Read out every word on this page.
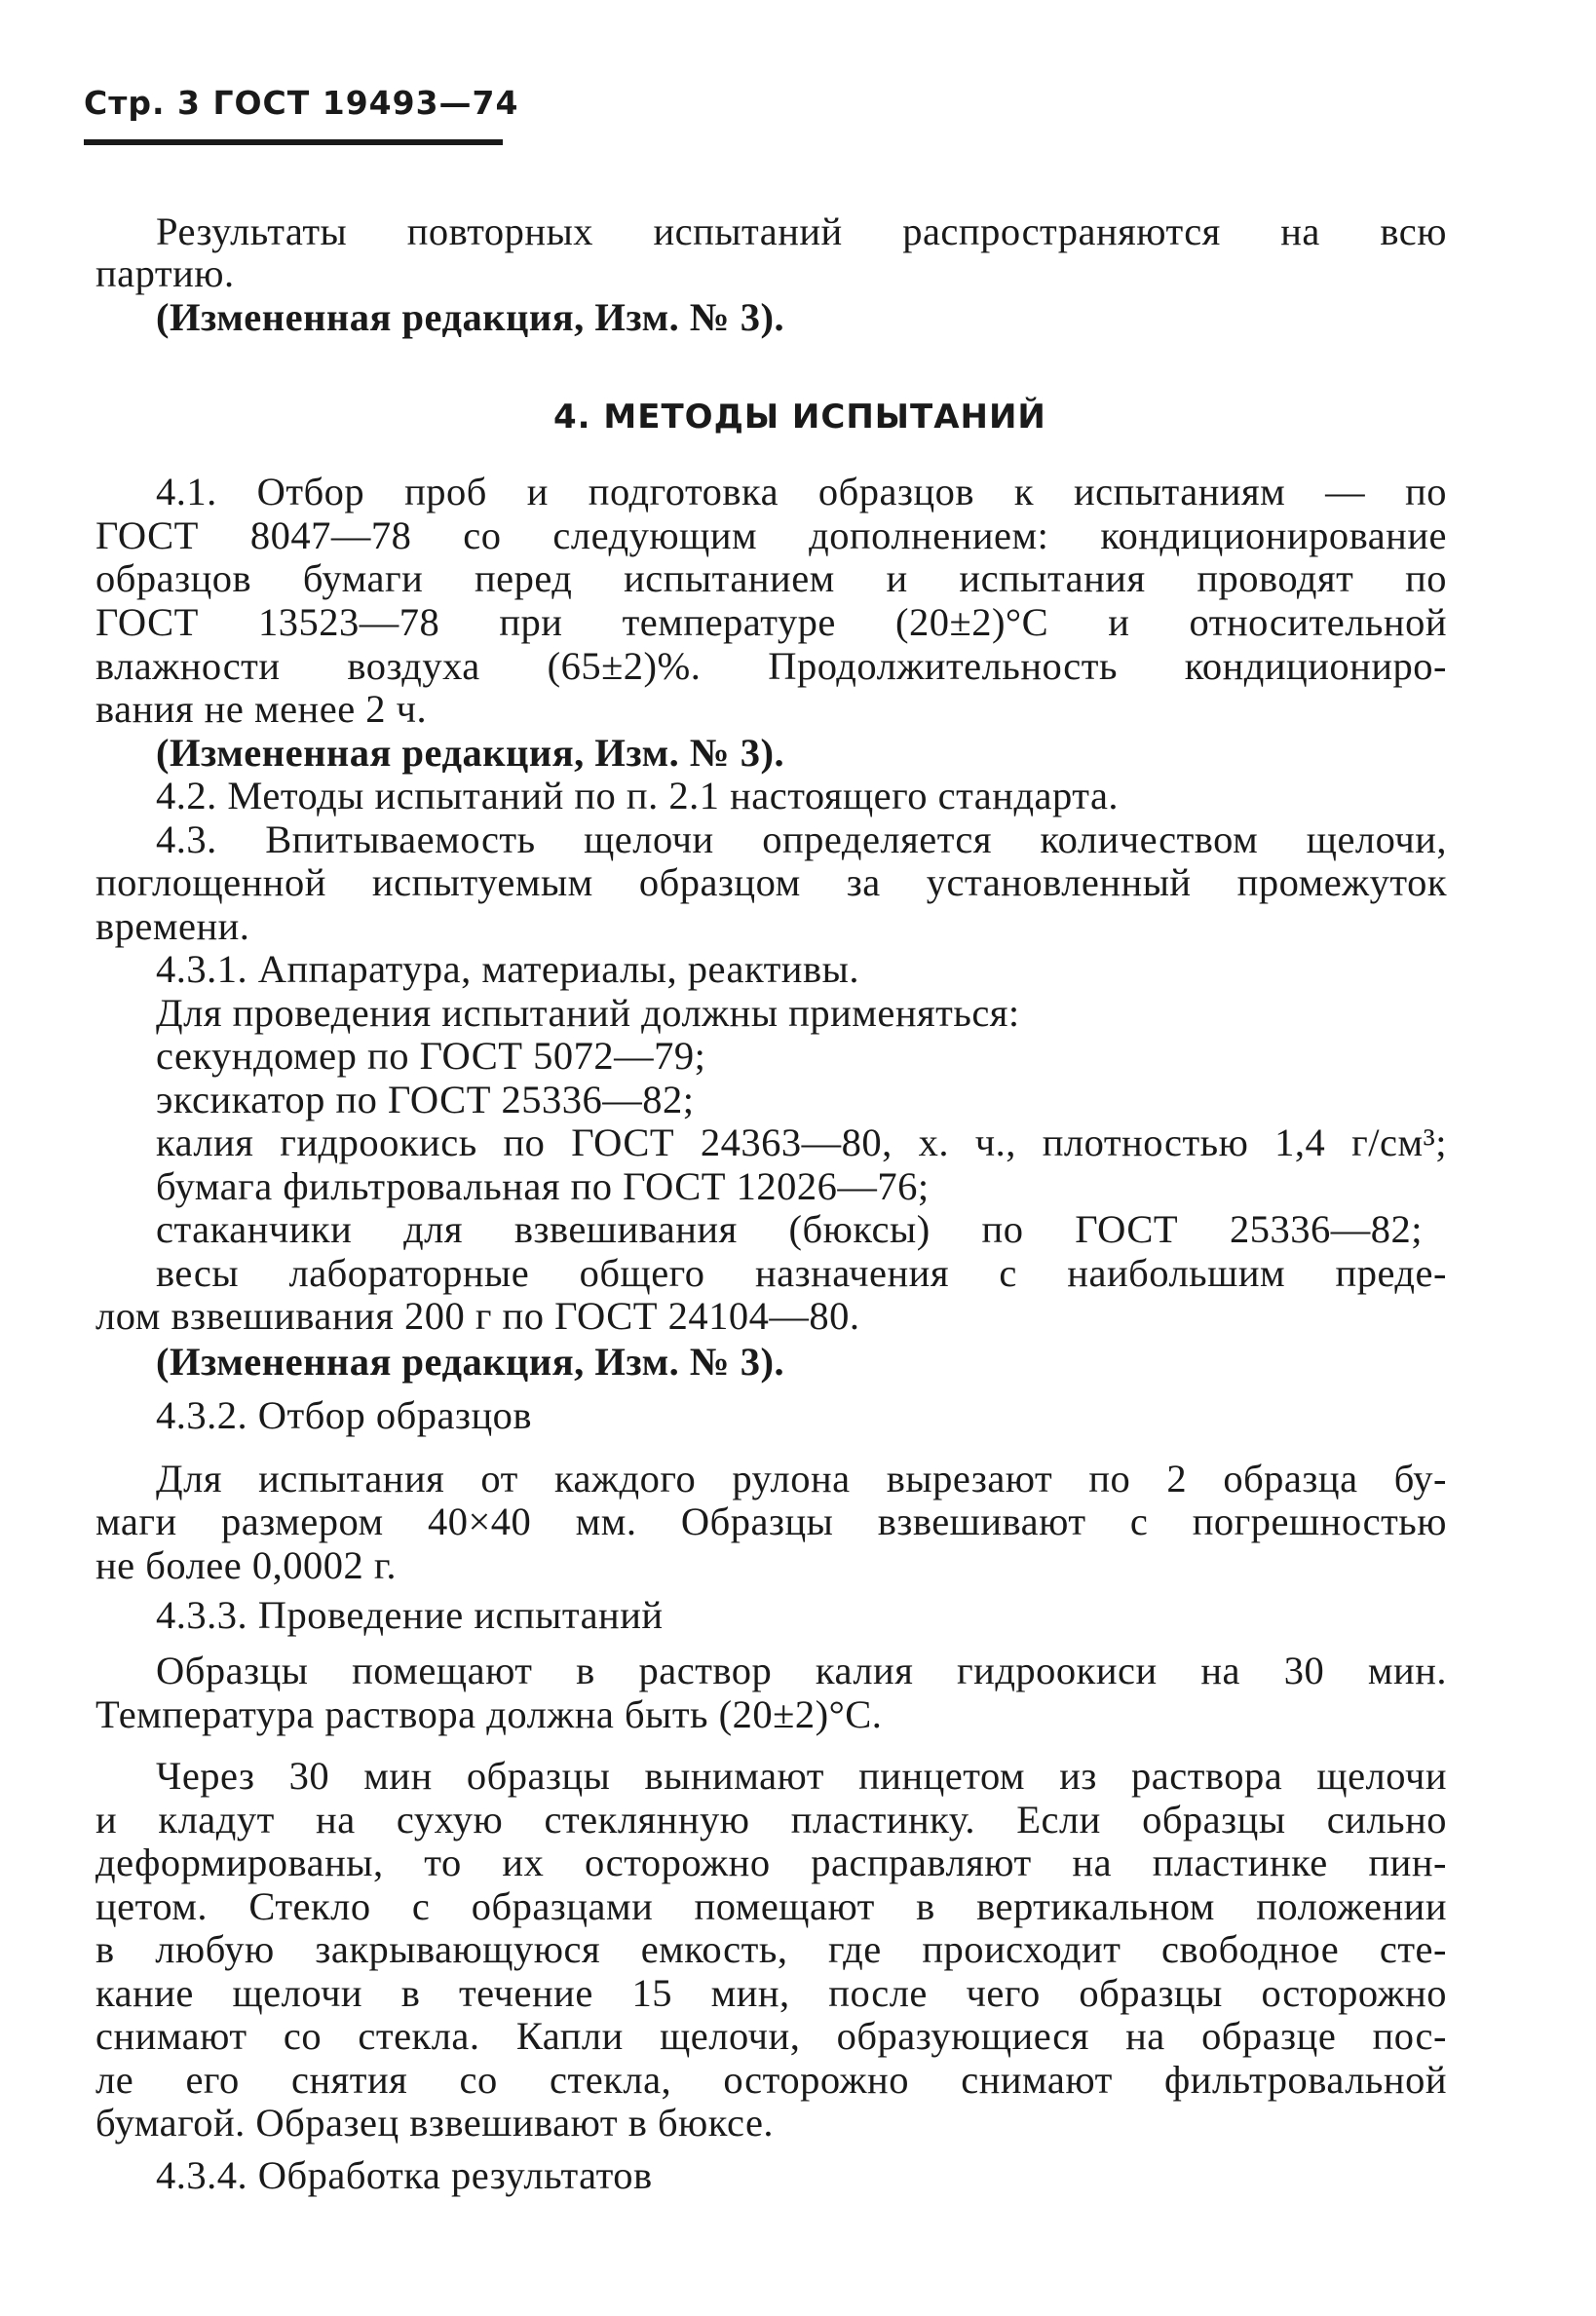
Стр. 3 ГОСТ 19493—74
Результаты повторных испытаний распространяются на всю
партию.
(Измененная редакция, Изм. № 3).
4. МЕТОДЫ ИСПЫТАНИЙ
4.1. Отбор проб и подготовка образцов к испытаниям — по
ГОСТ 8047—78 со следующим дополнением: кондиционирование
образцов бумаги перед испытанием и испытания проводят по
ГОСТ 13523—78 при температуре (20±2)°C и относительной
влажности воздуха (65±2)%. Продолжительность кондициониро-
вания не менее 2 ч.
(Измененная редакция, Изм. № 3).
4.2. Методы испытаний по п. 2.1 настоящего стандарта.
4.3. Впитываемость щелочи определяется количеством щелочи,
поглощенной испытуемым образцом за установленный промежуток
времени.
4.3.1. Аппаратура, материалы, реактивы.
Для проведения испытаний должны применяться:
секундомер по ГОСТ 5072—79;
эксикатор по ГОСТ 25336—82;
калия гидроокись по ГОСТ 24363—80, х. ч., плотностью 1,4 г/см³;
бумага фильтровальная по ГОСТ 12026—76;
стаканчики для взвешивания (бюксы) по ГОСТ 25336—82;
весы лабораторные общего назначения с наибольшим преде-
лом взвешивания 200 г по ГОСТ 24104—80.
(Измененная редакция, Изм. № 3).
4.3.2. Отбор образцов
Для испытания от каждого рулона вырезают по 2 образца бу-
маги размером 40×40 мм. Образцы взвешивают с погрешностью
не более 0,0002 г.
4.3.3. Проведение испытаний
Образцы помещают в раствор калия гидроокиси на 30 мин.
Температура раствора должна быть (20±2)°C.
Через 30 мин образцы вынимают пинцетом из раствора щелочи
и кладут на сухую стеклянную пластинку. Если образцы сильно
деформированы, то их осторожно расправляют на пластинке пин-
цетом. Стекло с образцами помещают в вертикальном положении
в любую закрывающуюся емкость, где происходит свободное сте-
кание щелочи в течение 15 мин, после чего образцы осторожно
снимают со стекла. Капли щелочи, образующиеся на образце пос-
ле его снятия со стекла, осторожно снимают фильтровальной
бумагой. Образец взвешивают в бюксе.
4.3.4. Обработка результатов
